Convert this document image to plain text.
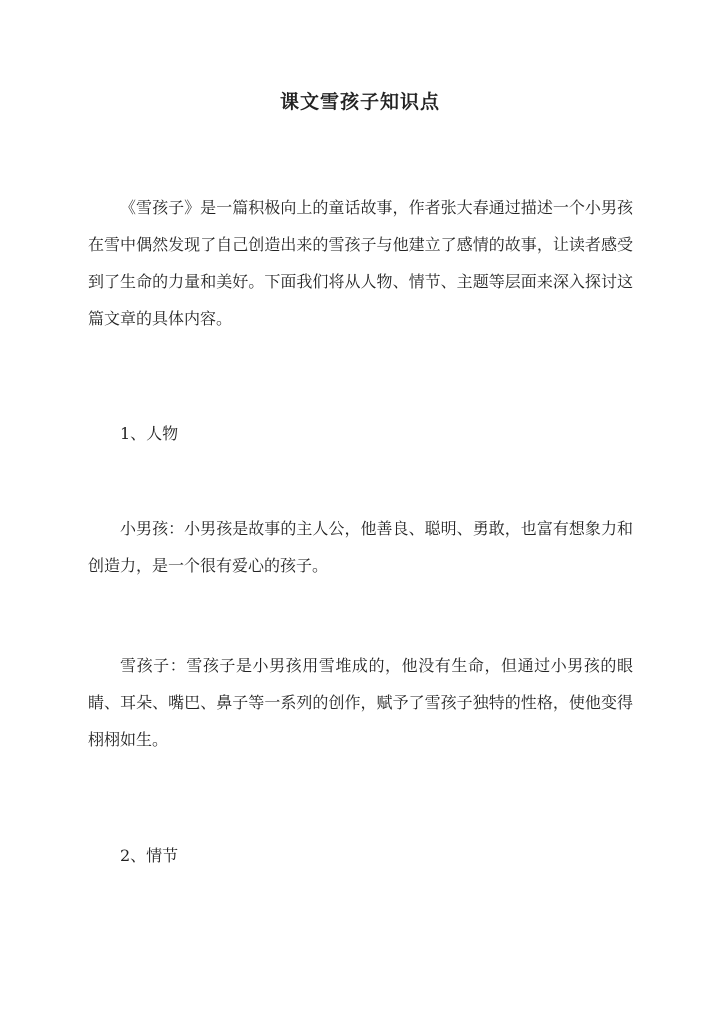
课文雪孩子知识点

《雪孩子》是一篇积极向上的童话故事，作者张大春通过描述一个小男孩在雪中偶然发现了自己创造出来的雪孩子与他建立了感情的故事，让读者感受到了生命的力量和美好。下面我们将从人物、情节、主题等层面来深入探讨这篇文章的具体内容。

1、人物

小男孩：小男孩是故事的主人公，他善良、聪明、勇敢，也富有想象力和创造力，是一个很有爱心的孩子。

雪孩子：雪孩子是小男孩用雪堆成的，他没有生命，但通过小男孩的眼睛、耳朵、嘴巴、鼻子等一系列的创作，赋予了雪孩子独特的性格，使他变得栩栩如生。

2、情节
